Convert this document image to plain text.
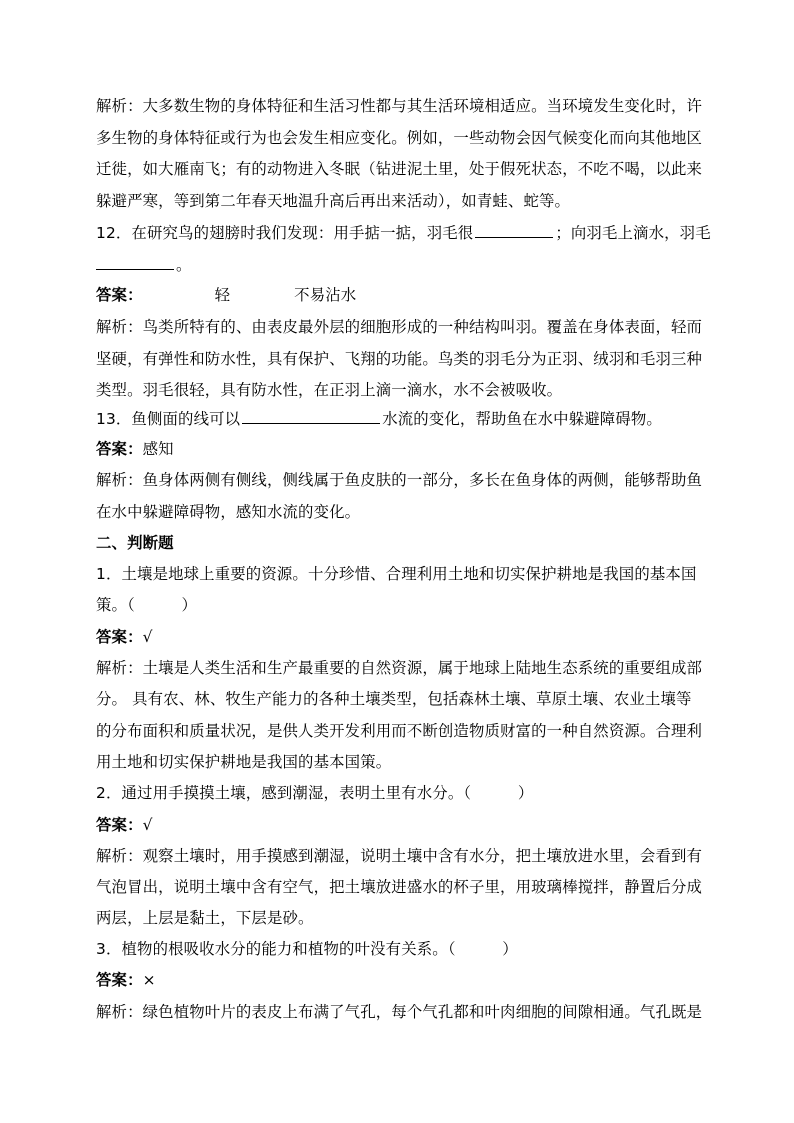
解析：大多数生物的身体特征和生活习性都与其生活环境相适应。当环境发生变化时，许
多生物的身体特征或行为也会发生相应变化。例如，一些动物会因气候变化而向其他地区
迁徙，如大雁南飞；有的动物进入冬眠（钻进泥土里，处于假死状态，不吃不喝，以此来
躲避严寒，等到第二年春天地温升高后再出来活动），如青蛙、蛇等。
12．在研究鸟的翅膀时我们发现：用手掂一掂，羽毛很	；向羽毛上滴水，羽毛
。
答案：	轻	不易沾水
解析：鸟类所特有的、由表皮最外层的细胞形成的一种结构叫羽。覆盖在身体表面，轻而
坚硬，有弹性和防水性，具有保护、飞翔的功能。鸟类的羽毛分为正羽、绒羽和毛羽三种
类型。羽毛很轻，具有防水性，在正羽上滴一滴水，水不会被吸收。
13．鱼侧面的线可以	水流的变化，帮助鱼在水中躲避障碍物。
答案：感知
解析：鱼身体两侧有侧线，侧线属于鱼皮肤的一部分，多长在鱼身体的两侧，能够帮助鱼
在水中躲避障碍物，感知水流的变化。
二、判断题
1．土壤是地球上重要的资源。十分珍惜、合理利用土地和切实保护耕地是我国的基本国
策。（　　　）
答案：√
解析：土壤是人类生活和生产最重要的自然资源，属于地球上陆地生态系统的重要组成部
分。 具有农、林、牧生产能力的各种土壤类型，包括森林土壤、草原土壤、农业土壤等
的分布面积和质量状况，是供人类开发利用而不断创造物质财富的一种自然资源。合理利
用土地和切实保护耕地是我国的基本国策。
2．通过用手摸摸土壤，感到潮湿，表明土里有水分。（　　　）
答案：√
解析：观察土壤时，用手摸感到潮湿，说明土壤中含有水分，把土壤放进水里，会看到有
气泡冒出，说明土壤中含有空气，把土壤放进盛水的杯子里，用玻璃棒搅拌，静置后分成
两层，上层是黏土，下层是砂。
3．植物的根吸收水分的能力和植物的叶没有关系。（　　　）
答案：×
解析：绿色植物叶片的表皮上布满了气孔，每个气孔都和叶肉细胞的间隙相通。气孔既是
